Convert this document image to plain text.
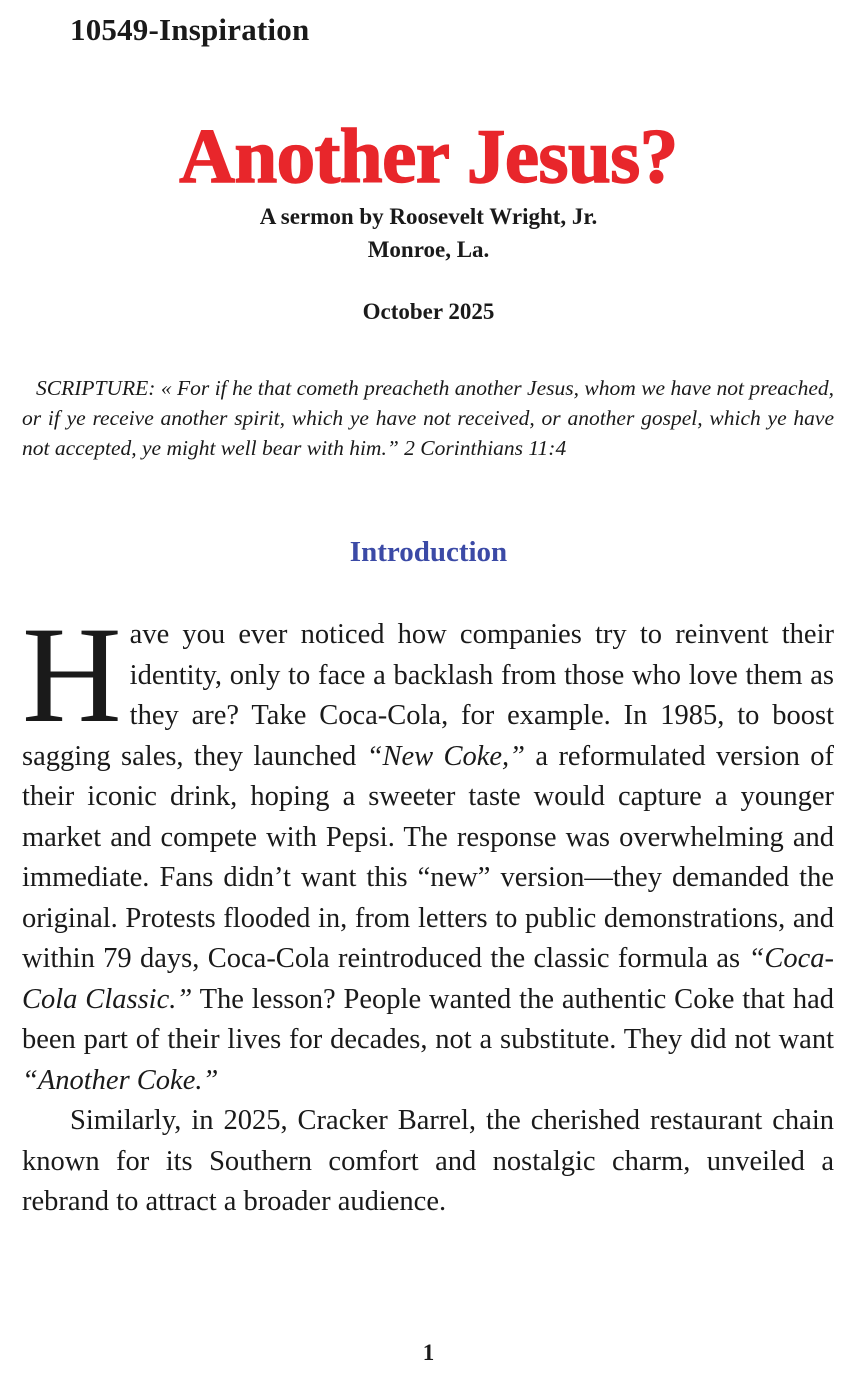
10549-Inspiration
Another Jesus?
A sermon by Roosevelt Wright, Jr.
Monroe, La.
October 2025
SCRIPTURE: « For if he that cometh preacheth another Jesus, whom we have not preached, or if ye receive another spirit, which ye have not received, or another gospel, which ye have not accepted, ye might well bear with him.” 2 Corinthians 11:4
Introduction

Have you ever noticed how companies try to reinvent their identity, only to face a backlash from those who love them as they are? Take Coca-Cola, for example. In 1985, to boost sagging sales, they launched “New Coke,” a reformulated version of their iconic drink, hoping a sweeter taste would capture a younger market and compete with Pepsi. The response was overwhelming and immediate. Fans didn’t want this “new” version—they demanded the original. Protests flooded in, from letters to public demonstrations, and within 79 days, Coca-Cola reintroduced the classic formula as “Coca-Cola Classic.” The lesson? People wanted the authentic Coke that had been part of their lives for decades, not a substitute. They did not want “Another Coke.”

Similarly, in 2025, Cracker Barrel, the cherished restaurant chain known for its Southern comfort and nostalgic charm, unveiled a rebrand to attract a broader audience.

1
